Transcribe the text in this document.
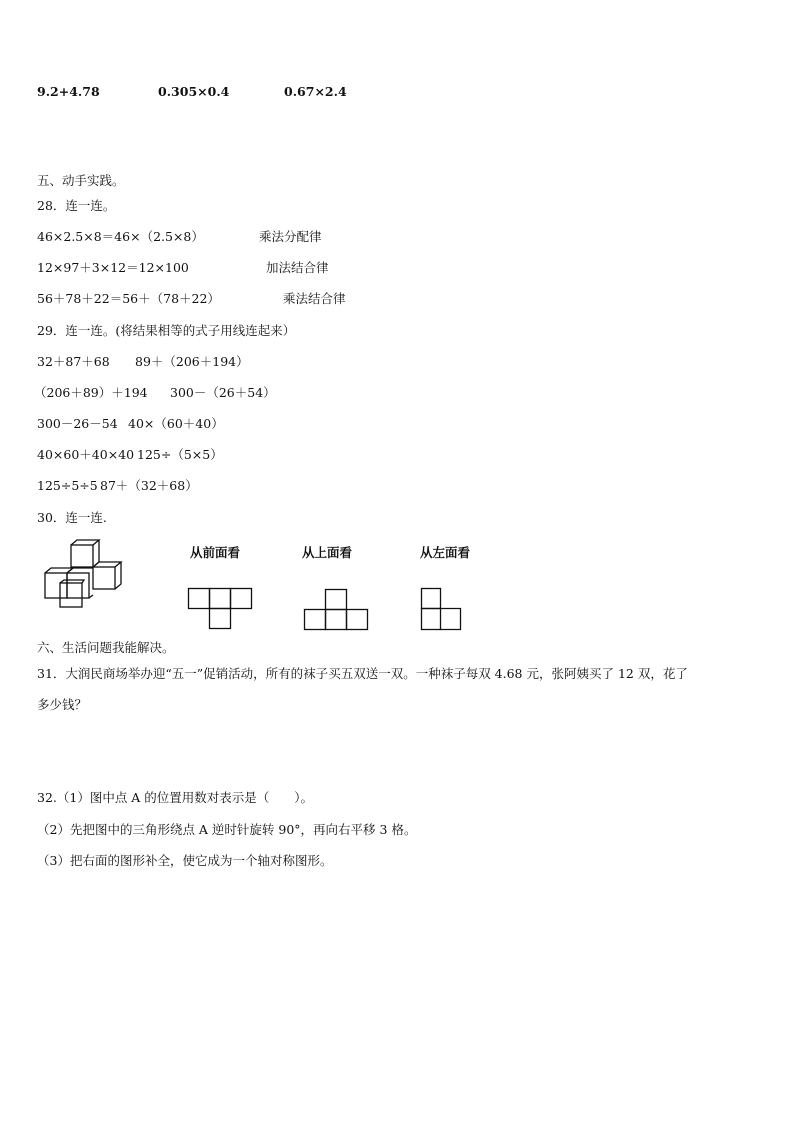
9.2+4.78	0.305×0.4	0.67×2.4
五、动手实践。
28．连一连。
46×2.5×8＝46×（2.5×8）	乘法分配律
12×97＋3×12＝12×100	加法结合律
56＋78＋22＝56＋（78＋22）	乘法结合律
29．连一连。(将结果相等的式子用线连起来）
32＋87＋68 89＋（206＋194）
（206＋89）＋194 300－（26＋54）
300－26－54 40×（60＋40）
40×60＋40×40 125÷（5×5）
125÷5÷5 87＋（32＋68）
30．连一连.
从前面看	从上面看	从左面看
六、生活问题我能解决。
31．大润民商场举办迎“五一”促销活动，所有的袜子买五双送一双。一种袜子每双 4.68 元，张阿姨买了 12 双，花了
多少钱？
32.（1）图中点 A 的位置用数对表示是（　　）。
（2）先把图中的三角形绕点 A 逆时针旋转 90°，再向右平移 3 格。
（3）把右面的图形补全，使它成为一个轴对称图形。
